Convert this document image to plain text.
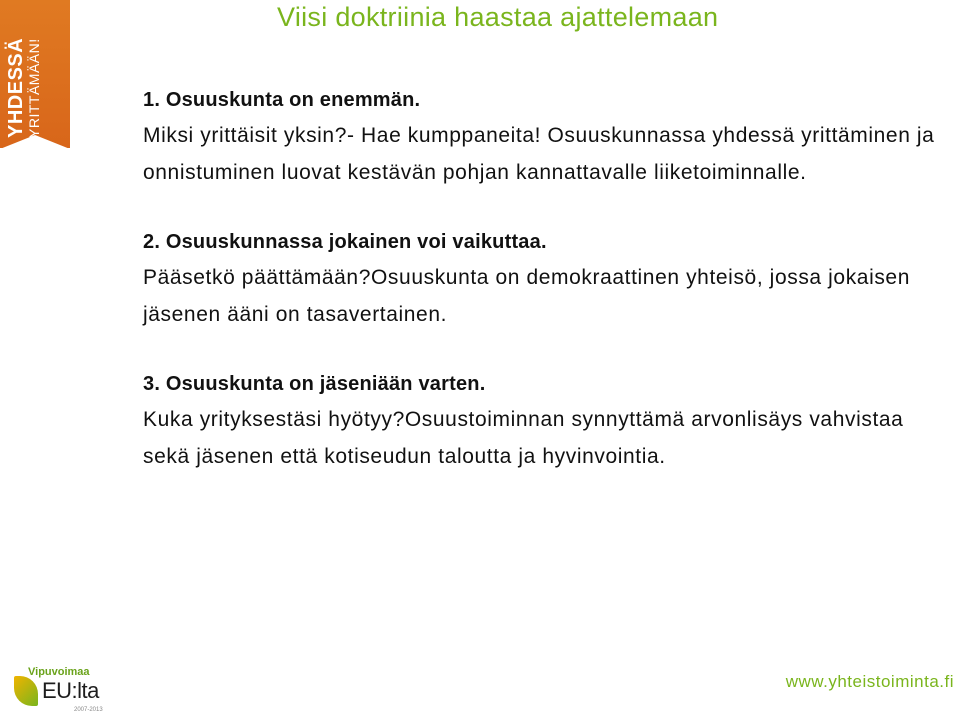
YHDESSÄ YRITTÄMÄÄN!
Viisi doktriinia haastaa ajattelemaan
1. Osuuskunta on enemmän.
Miksi yrittäisit yksin?- Hae kumppaneita! Osuuskunnassa yhdessä yrittäminen ja onnistuminen luovat kestävän pohjan kannattavalle liiketoiminnalle.
2. Osuuskunnassa jokainen voi vaikuttaa.
Pääsetkö päättämään?Osuuskunta on demokraattinen yhteisö, jossa jokaisen jäsenen ääni on tasavertainen.
3. Osuuskunta on jäseniään varten.
Kuka yrityksestäsi hyötyy?Osuustoiminnan synnyttämä arvonlisäys vahvistaa sekä jäsenen että kotiseudun taloutta ja hyvinvointia.
Vipuvoimaa
EU:lta
2007-2013
www.yhteistoiminta.fi
